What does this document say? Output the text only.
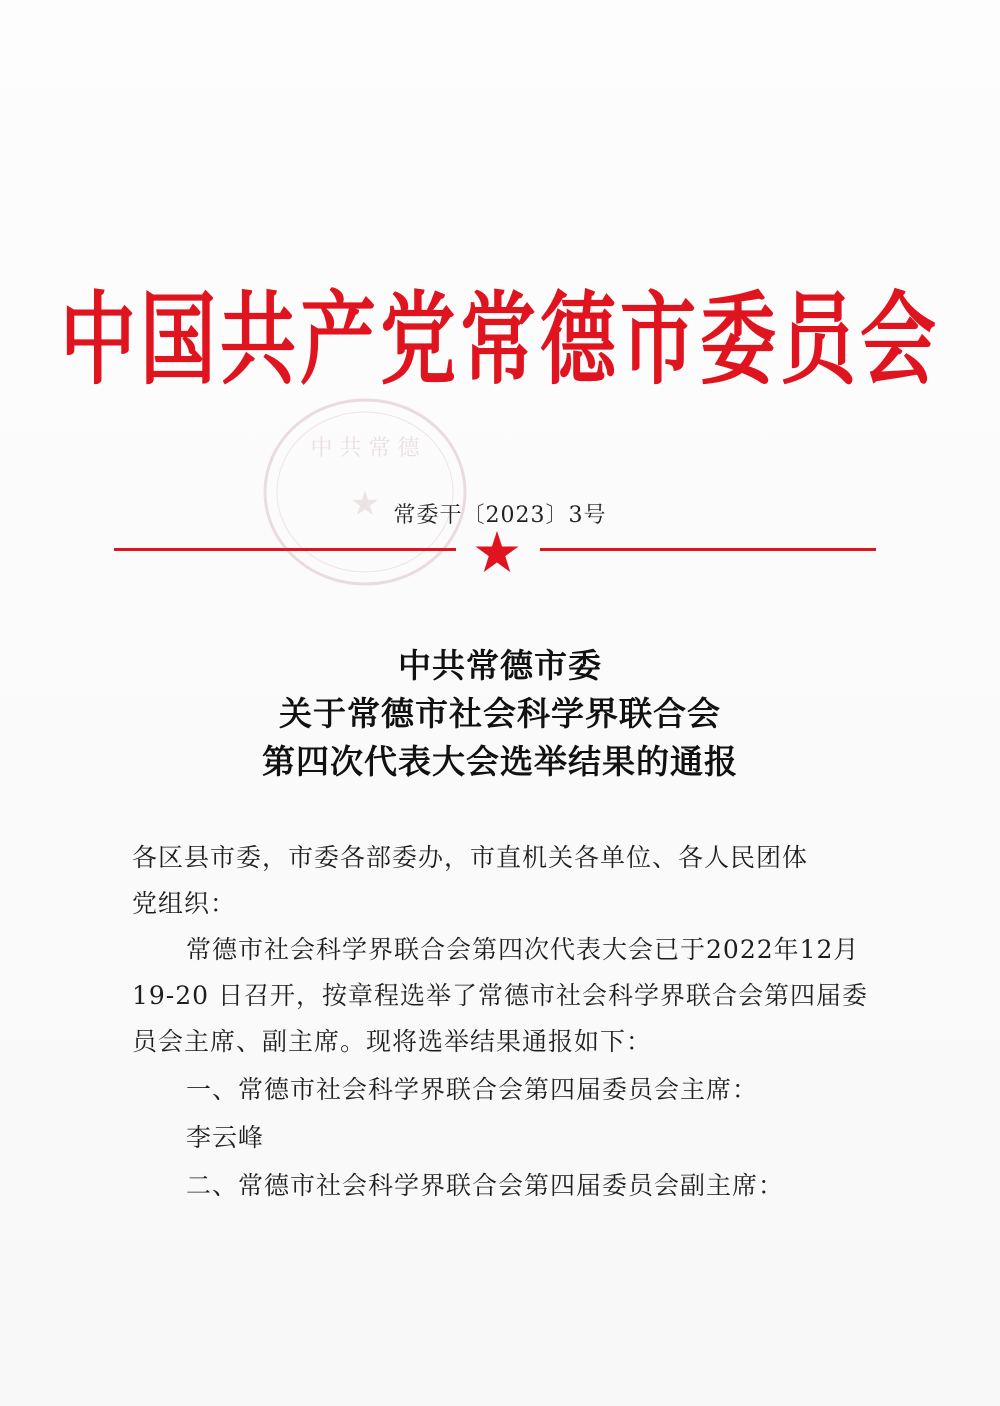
中 共 常 德
★
中国共产党常德市委员会
常委干〔2023〕3号
中共常德市委
关于常德市社会科学界联合会
第四次代表大会选举结果的通报
各区县市委，市委各部委办，市直机关各单位、各人民团体
党组织：
常德市社会科学界联合会第四次代表大会已于2022年12月
19-20 日召开，按章程选举了常德市社会科学界联合会第四届委
员会主席、副主席。现将选举结果通报如下：
一、常德市社会科学界联合会第四届委员会主席：
李云峰
二、常德市社会科学界联合会第四届委员会副主席：
